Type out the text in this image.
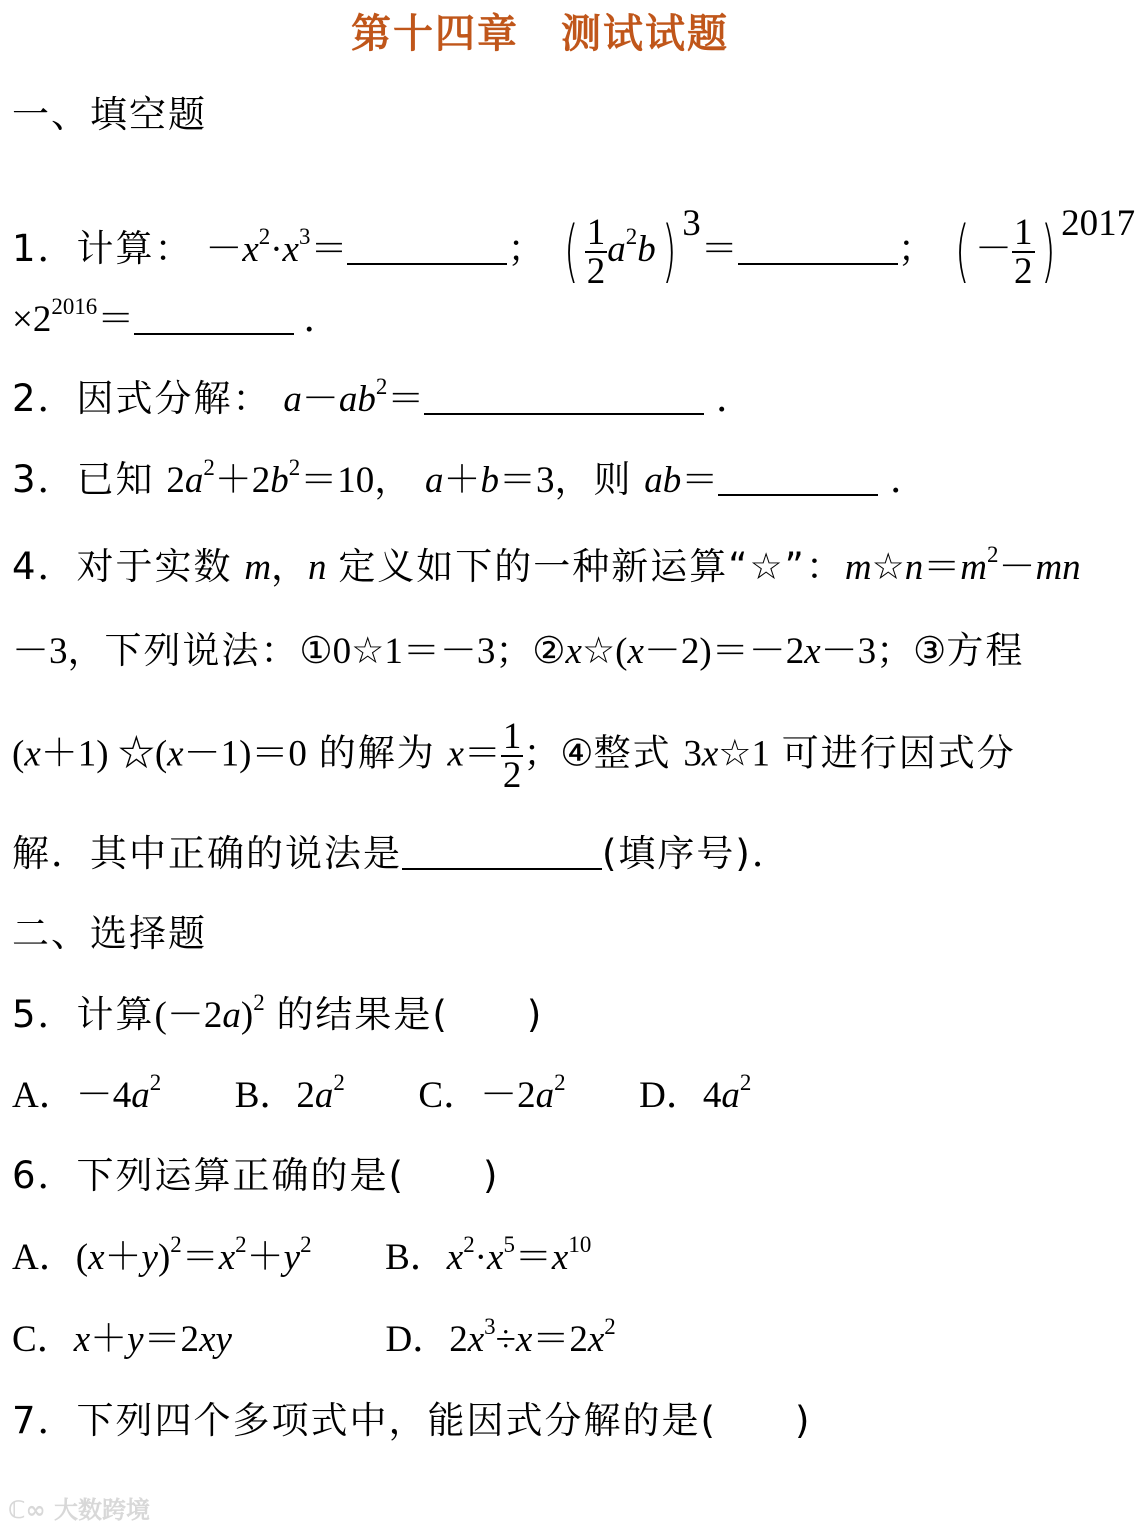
第十四章　测试试题
一、填空题
1．计算： $-x^2\cdot x^3=$	； ( $\frac{1}{2} a^2b$) 3＝	； ( － $\frac{1}{2}$ ) 2017
$\times 2^{2016}=$	．
2．因式分解： $a-ab^2=$	．
3．已知 $2a^2+2b^2=10$， a＋b＝3，则 ab＝	．
4．对于实数 m，n 定义如下的一种新运算“☆”：$m☆n=m^2-mn$
－3，下列说法：①0☆1＝－3；②x☆(x－2)＝－2x－3；③方程
(x＋1) ☆(x－1)＝0 的解为 $x= \frac{1}{2}$ ；④整式 3x☆1 可进行因式分
解．其中正确的说法是	(填序号)．
二、选择题
5．计算$(-2a)^2$ 的结果是(　　)
A．$-4a^2$ B．$2a^2$ C．$-2a^2$ D．$4a^2$
6．下列运算正确的是(　　)
A．$(x+y)^2=x^2+y^2$ B．$x^2\cdot x^5=x^{10}$
C．x＋y＝2xy	D．$2x^3\div x=2x^2$
7．下列四个多项式中，能因式分解的是(　　)
ℂ∞ 大数跨境
